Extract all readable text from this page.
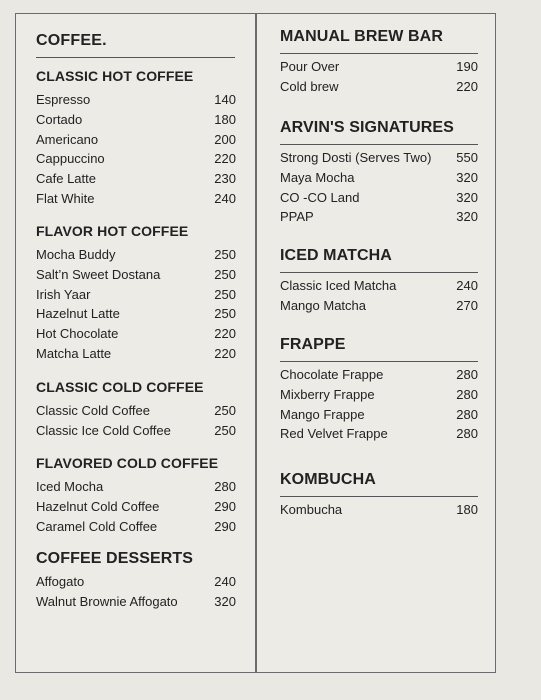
COFFEE.
CLASSIC HOT COFFEE
Espresso	140
Cortado	180
Americano	200
Cappuccino	220
Cafe Latte	230
Flat White	240
FLAVOR HOT COFFEE
Mocha Buddy	250
Salt’n Sweet Dostana	250
Irish Yaar	250
Hazelnut Latte	250
Hot Chocolate	220
Matcha Latte	220
CLASSIC COLD COFFEE
Classic Cold Coffee	250
Classic Ice Cold Coffee	250
FLAVORED COLD COFFEE
Iced Mocha	280
Hazelnut Cold Coffee	290
Caramel Cold Coffee	290
COFFEE DESSERTS
Affogato	240
Walnut Brownie Affogato	320
MANUAL BREW BAR
Pour Over	190
Cold brew	220
ARVIN'S SIGNATURES
Strong Dosti (Serves Two) 550
Maya Mocha	320
CO -CO Land	320
PPAP	320
ICED MATCHA
Classic Iced Matcha	240
Mango Matcha	270
FRAPPE
Chocolate Frappe	280
Mixberry Frappe	280
Mango Frappe	280
Red Velvet Frappe	280
KOMBUCHA
Kombucha	180
